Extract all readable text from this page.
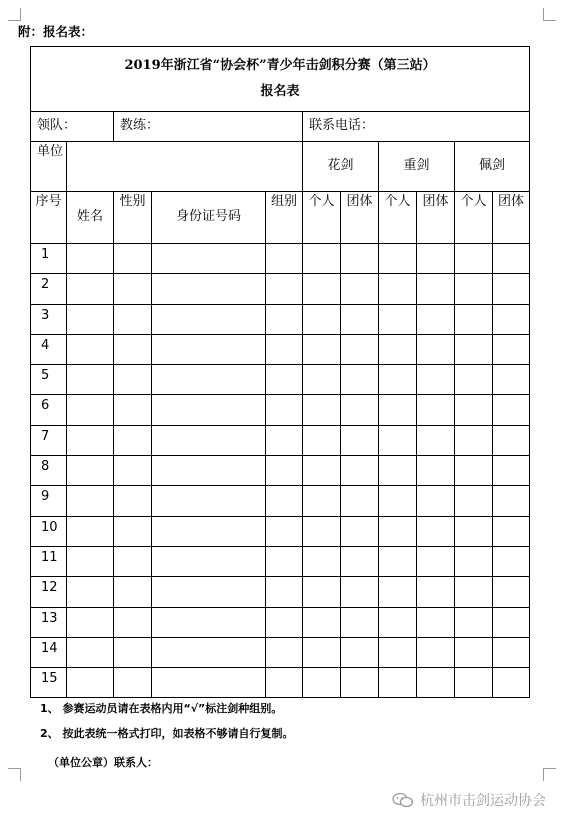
附：报名表：
2019年浙江省“协会杯”青少年击剑积分赛（第三站）
报名表										

领队：		教练：			联系电话：					
单位					花剑		重剑		佩剑	
序号	姓名	性别	身份证号码	组别	个人	团体	个人	团体	个人	团体
1										
2										
3										
4										
5										
6										
7										
8										
9										
10										
11										
12										
13										
14										
15										
1、 参赛运动员请在表格内用“√”标注剑种组别。
2、 按此表统一格式打印，如表格不够请自行复制。
（单位公章）联系人：
杭州市击剑运动协会
